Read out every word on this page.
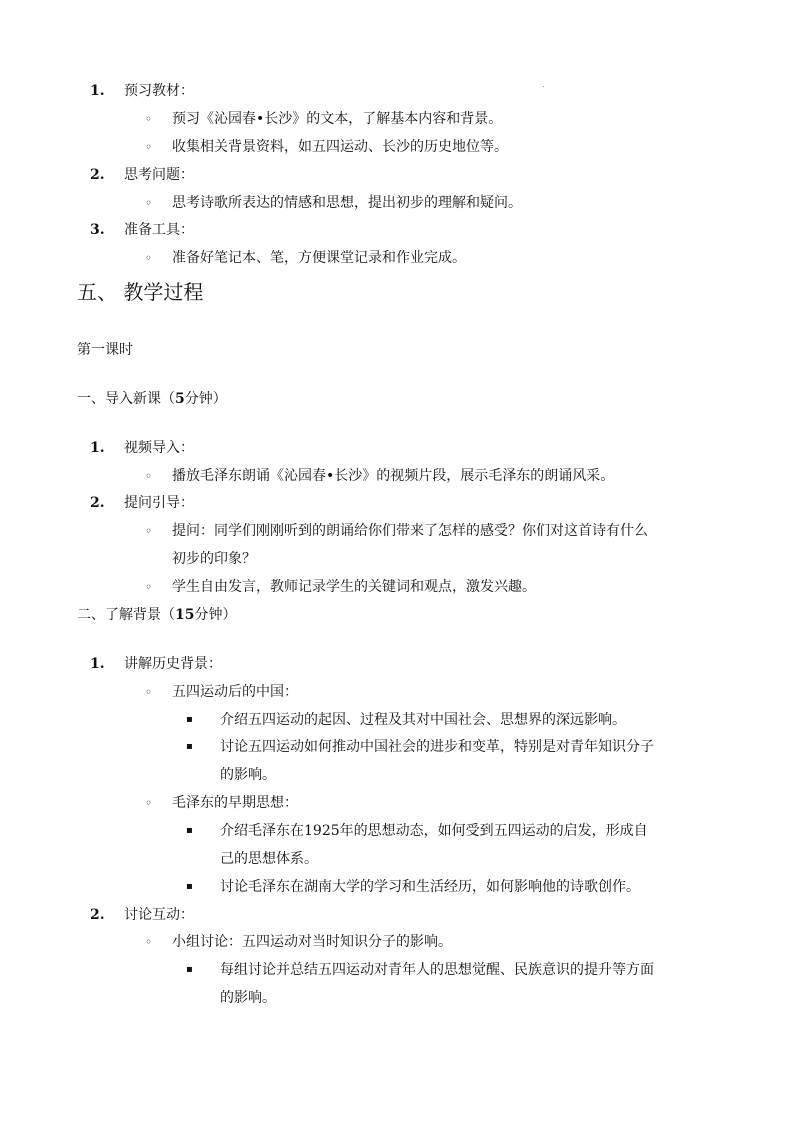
1. 预习教材：
◦ 预习《沁园春•长沙》的文本，了解基本内容和背景。
◦ 收集相关背景资料，如五四运动、长沙的历史地位等。
2. 思考问题：
◦ 思考诗歌所表达的情感和思想，提出初步的理解和疑问。
3. 准备工具：
◦ 准备好笔记本、笔，方便课堂记录和作业完成。
五、 教学过程
第一课时
一、导入新课（5分钟）
1. 视频导入：
◦ 播放毛泽东朗诵《沁园春•长沙》的视频片段，展示毛泽东的朗诵风采。
2. 提问引导：
◦ 提问：同学们刚刚听到的朗诵给你们带来了怎样的感受？你们对这首诗有什么
初步的印象？
◦ 学生自由发言，教师记录学生的关键词和观点，激发兴趣。
二、了解背景（15分钟）
1. 讲解历史背景：
◦ 五四运动后的中国：
▪ 介绍五四运动的起因、过程及其对中国社会、思想界的深远影响。
▪ 讨论五四运动如何推动中国社会的进步和变革，特别是对青年知识分子
的影响。
◦ 毛泽东的早期思想：
▪ 介绍毛泽东在1925年的思想动态，如何受到五四运动的启发，形成自
己的思想体系。
▪ 讨论毛泽东在湖南大学的学习和生活经历，如何影响他的诗歌创作。
2. 讨论互动：
◦ 小组讨论：五四运动对当时知识分子的影响。
▪ 每组讨论并总结五四运动对青年人的思想觉醒、民族意识的提升等方面
的影响。
